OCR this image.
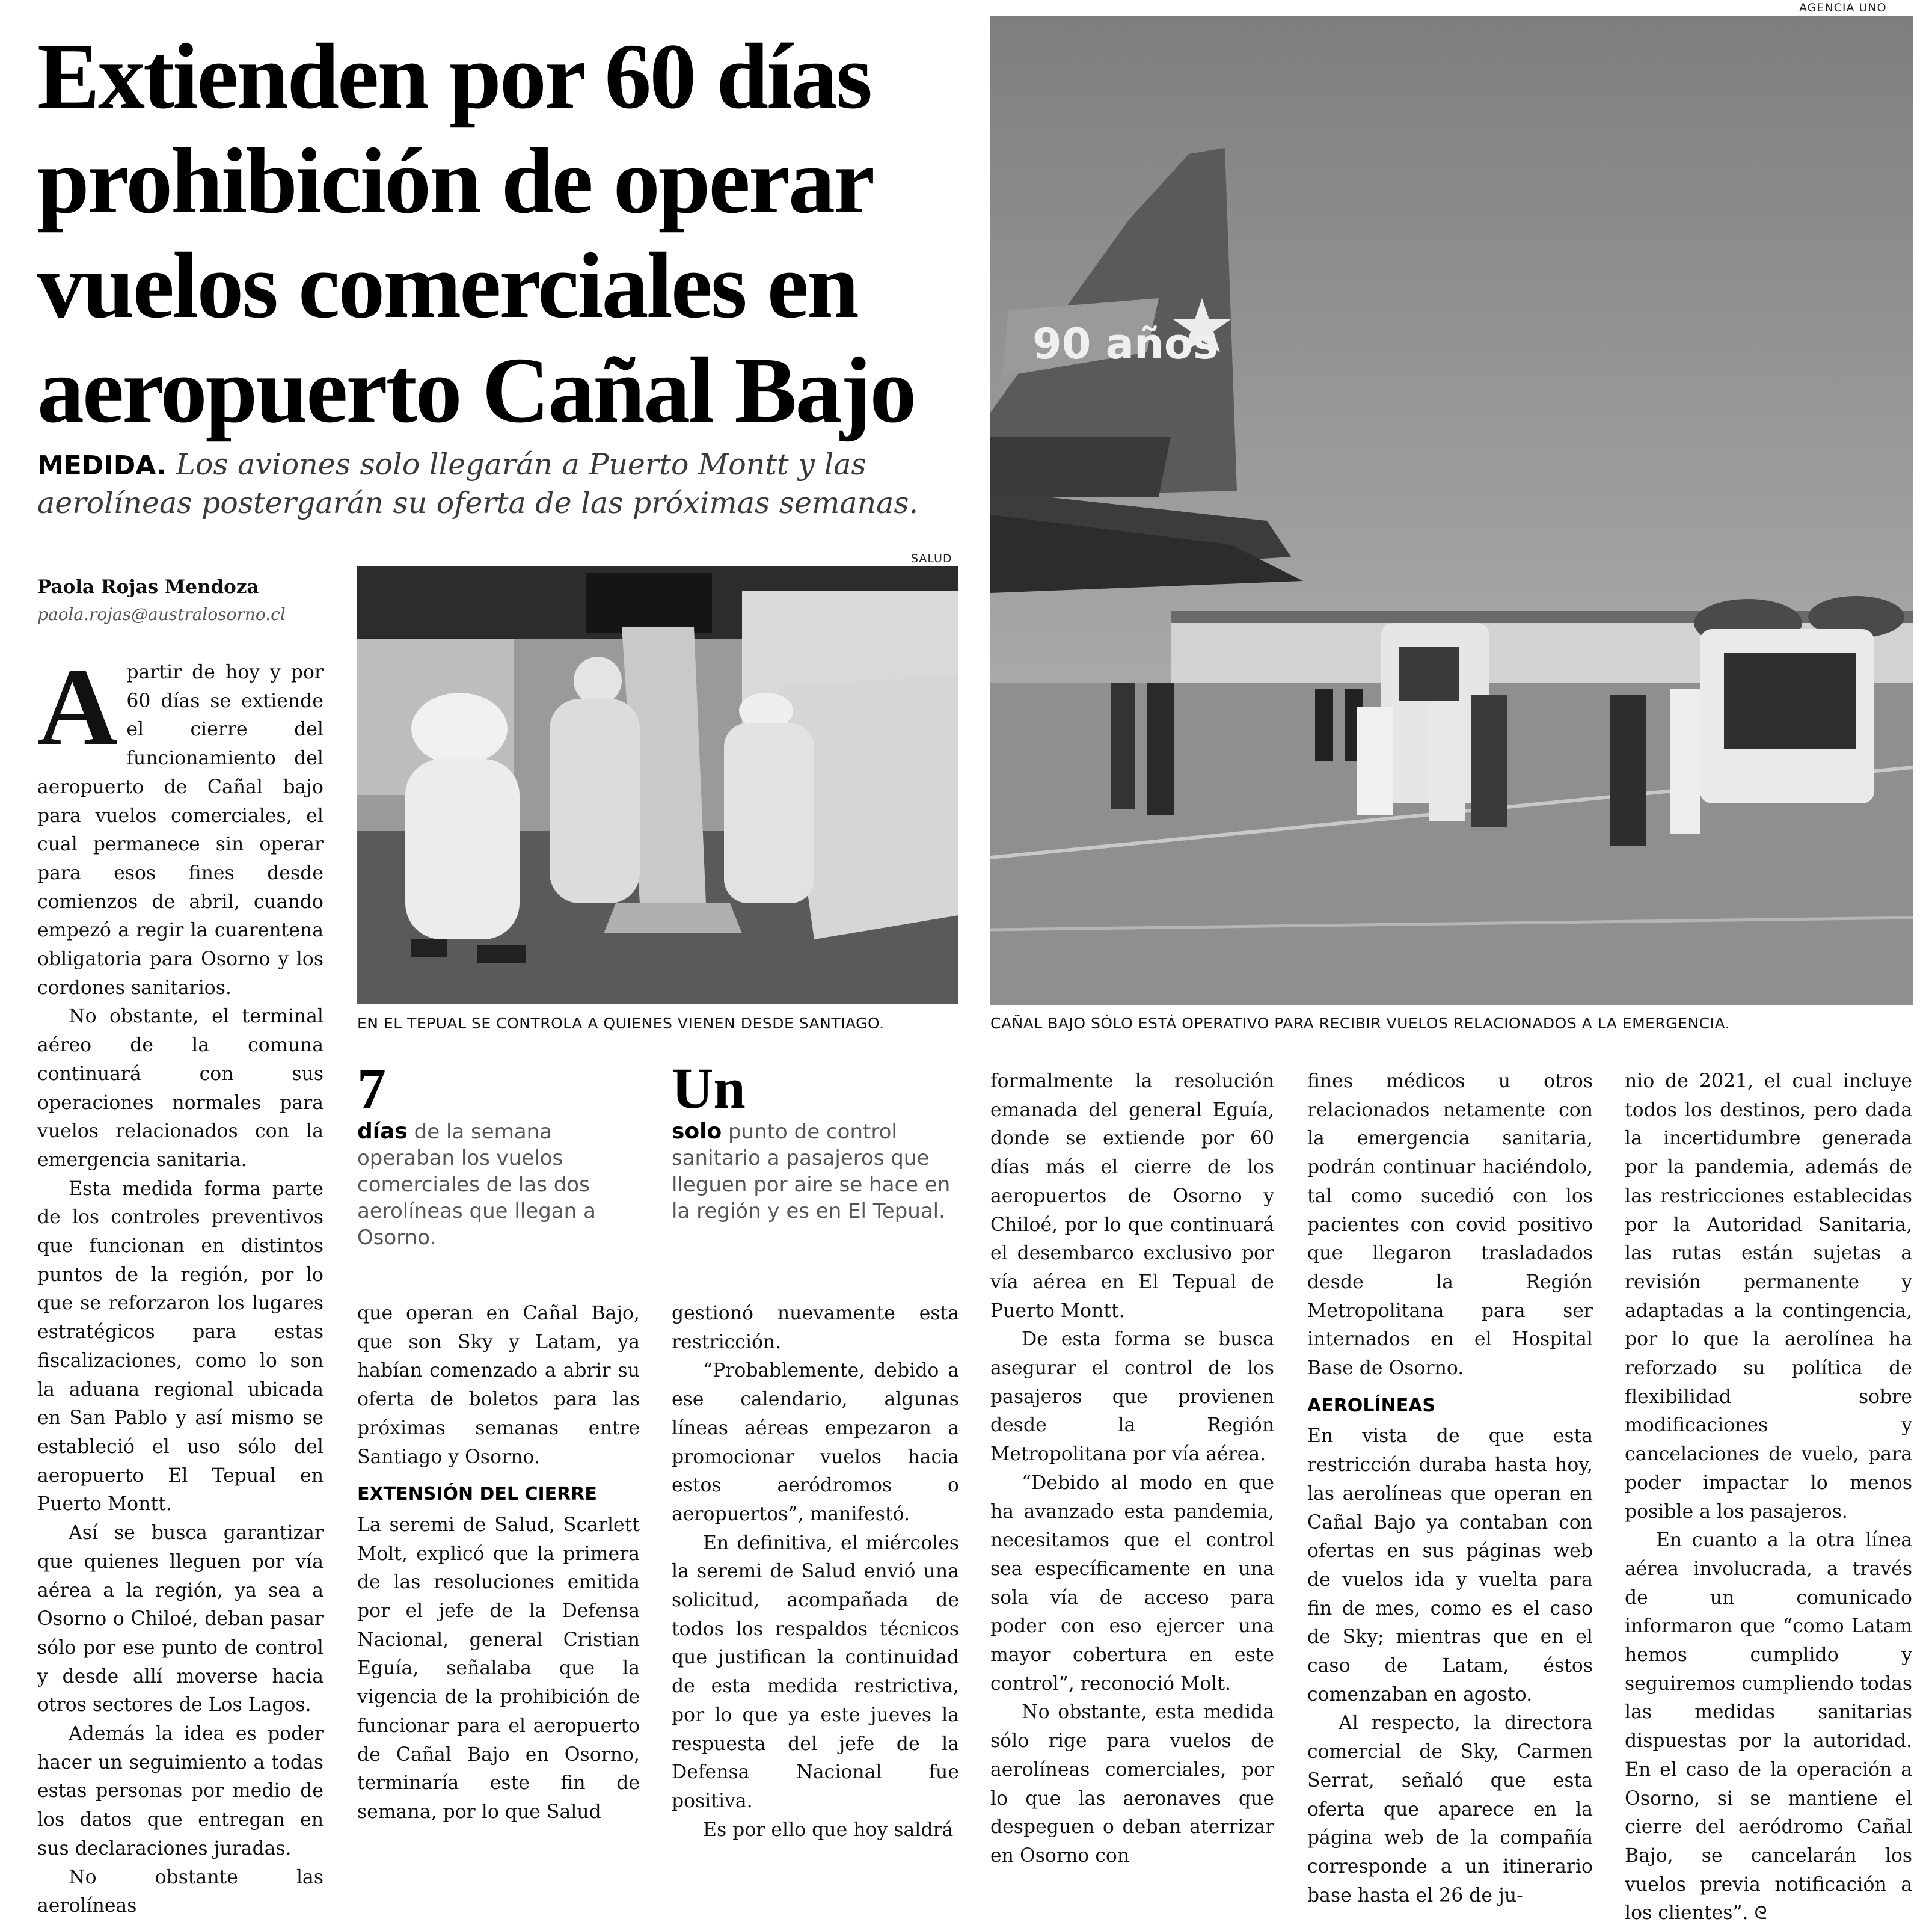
Extienden por 60 días
prohibición de operar
vuelos comerciales en
aeropuerto Cañal Bajo
MEDIDA. Los aviones solo llegarán a Puerto Montt y las aerolíneas postergarán su oferta de las próximas semanas.
Paola Rojas Mendoza
paola.rojas@australosorno.cl
SALUD
EN EL TEPUAL SE CONTROLA A QUIENES VIENEN DESDE SANTIAGO.
AGENCIA UNO
90 años
CAÑAL BAJO SÓLO ESTÁ OPERATIVO PARA RECIBIR VUELOS RELACIONADOS A LA EMERGENCIA.

Apartir de hoy y por 60 días se extiende el cierre del funcionamiento del aeropuerto de Cañal bajo para vuelos comerciales, el cual permanece sin operar para esos fines desde comienzos de abril, cuando empezó a regir la cuarentena obligatoria para Osorno y los cordones sanitarios.

No obstante, el terminal aéreo de la comuna continuará con sus operaciones normales para vuelos relacionados con la emergencia sanitaria.

Esta medida forma parte de los controles preventivos que funcionan en distintos puntos de la región, por lo que se reforzaron los lugares estratégicos para estas fiscalizaciones, como lo son la aduana regional ubicada en San Pablo y así mismo se estableció el uso sólo del aeropuerto El Tepual en Puerto Montt.

Así se busca garantizar que quienes lleguen por vía aérea a la región, ya sea a Osorno o Chiloé, deban pasar sólo por ese punto de control y desde allí moverse hacia otros sectores de Los Lagos.

Además la idea es poder hacer un seguimiento a todas estas personas por medio de los datos que entregan en sus declaraciones juradas.

No obstante las aerolíneas

7
días de la semana operaban los vuelos comerciales de las dos aerolíneas que llegan a Osorno.
Un
solo punto de control sanitario a pasajeros que lleguen por aire se hace en la región y es en El Tepual.

que operan en Cañal Bajo, que son Sky y Latam, ya habían comenzado a abrir su oferta de boletos para las próximas semanas entre Santiago y Osorno.

EXTENSIÓN DEL CIERRE

La seremi de Salud, Scarlett Molt, explicó que la primera de las resoluciones emitida por el jefe de la Defensa Nacional, general Cristian Eguía, señalaba que la vigencia de la prohibición de funcionar para el aeropuerto de Cañal Bajo en Osorno, terminaría este fin de semana, por lo que Salud

gestionó nuevamente esta restricción.

“Probablemente, debido a ese calendario, algunas líneas aéreas empezaron a promocionar vuelos hacia estos aeródromos o aeropuertos”, manifestó.

En definitiva, el miércoles la seremi de Salud envió una solicitud, acompañada de todos los respaldos técnicos que justifican la continuidad de esta medida restrictiva, por lo que ya este jueves la respuesta del jefe de la Defensa Nacional fue positiva.

Es por ello que hoy saldrá

formalmente la resolución emanada del general Eguía, donde se extiende por 60 días más el cierre de los aeropuertos de Osorno y Chiloé, por lo que continuará el desembarco exclusivo por vía aérea en El Tepual de Puerto Montt.

De esta forma se busca asegurar el control de los pasajeros que provienen desde la Región Metropolitana por vía aérea.

“Debido al modo en que ha avanzado esta pandemia, necesitamos que el control sea específicamente en una sola vía de acceso para poder con eso ejercer una mayor cobertura en este control”, reconoció Molt.

No obstante, esta medida sólo rige para vuelos de aerolíneas comerciales, por lo que las aeronaves que despeguen o deban aterrizar en Osorno con

fines médicos u otros relacionados netamente con la emergencia sanitaria, podrán continuar haciéndolo, tal como sucedió con los pacientes con covid positivo que llegaron trasladados desde la Región Metropolitana para ser internados en el Hospital Base de Osorno.

AEROLÍNEAS

En vista de que esta restricción duraba hasta hoy, las aerolíneas que operan en Cañal Bajo ya contaban con ofertas en sus páginas web de vuelos ida y vuelta para fin de mes, como es el caso de Sky; mientras que en el caso de Latam, éstos comenzaban en agosto.

Al respecto, la directora comercial de Sky, Carmen Serrat, señaló que esta oferta que aparece en la página web de la compañía corresponde a un itinerario base hasta el 26 de ju-

nio de 2021, el cual incluye todos los destinos, pero dada la incertidumbre generada por la pandemia, además de las restricciones establecidas por la Autoridad Sanitaria, las rutas están sujetas a revisión permanente y adaptadas a la contingencia, por lo que la aerolínea ha reforzado su política de flexibilidad sobre modificaciones y cancelaciones de vuelo, para poder impactar lo menos posible a los pasajeros.

En cuanto a la otra línea aérea involucrada, a través de un comunicado informaron que “como Latam hemos cumplido y seguiremos cumpliendo todas las medidas sanitarias dispuestas por la autoridad. En el caso de la operación a Osorno, si se mantiene el cierre del aeródromo Cañal Bajo, se cancelarán los vuelos previa notificación a los clientes”. ᘓ
